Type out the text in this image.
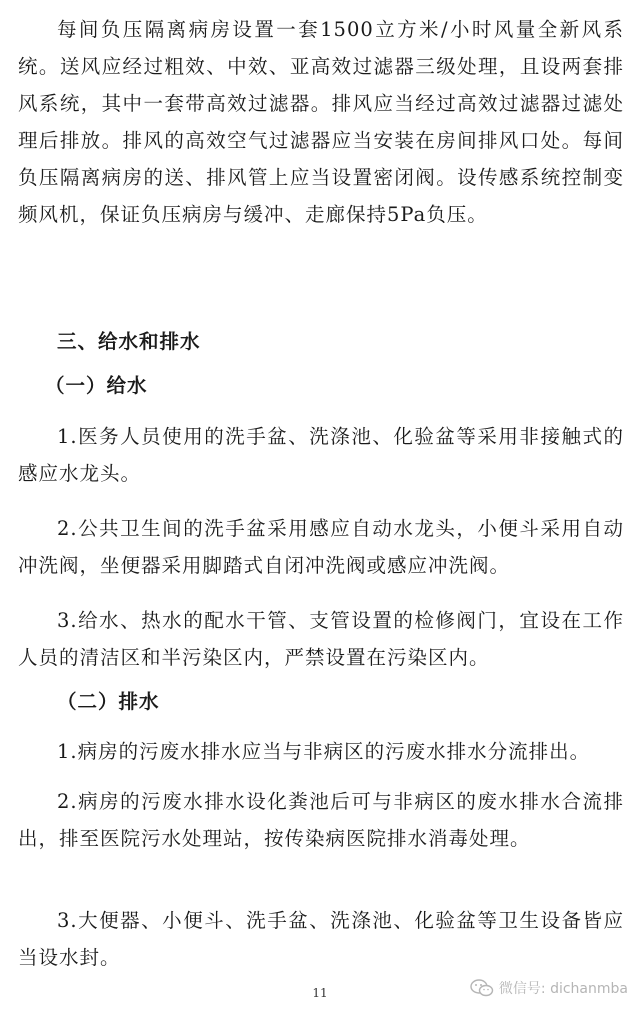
每间负压隔离病房设置一套1500立方米/小时风量全新风系统。送风应经过粗效、中效、亚高效过滤器三级处理，且设两套排风系统，其中一套带高效过滤器。排风应当经过高效过滤器过滤处理后排放。排风的高效空气过滤器应当安装在房间排风口处。每间负压隔离病房的送、排风管上应当设置密闭阀。设传感系统控制变频风机，保证负压病房与缓冲、走廊保持5Pa负压。

三、给水和排水

（一）给水

1.医务人员使用的洗手盆、洗涤池、化验盆等采用非接触式的感应水龙头。

2.公共卫生间的洗手盆采用感应自动水龙头，小便斗采用自动冲洗阀，坐便器采用脚踏式自闭冲洗阀或感应冲洗阀。

3.给水、热水的配水干管、支管设置的检修阀门，宜设在工作人员的清洁区和半污染区内，严禁设置在污染区内。

（二）排水

1.病房的污废水排水应当与非病区的污废水排水分流排出。

2.病房的污废水排水设化粪池后可与非病区的废水排水合流排出，排至医院污水处理站，按传染病医院排水消毒处理。

3.大便器、小便斗、洗手盆、洗涤池、化验盆等卫生设备皆应当设水封。

11	微信号: dichanmba
